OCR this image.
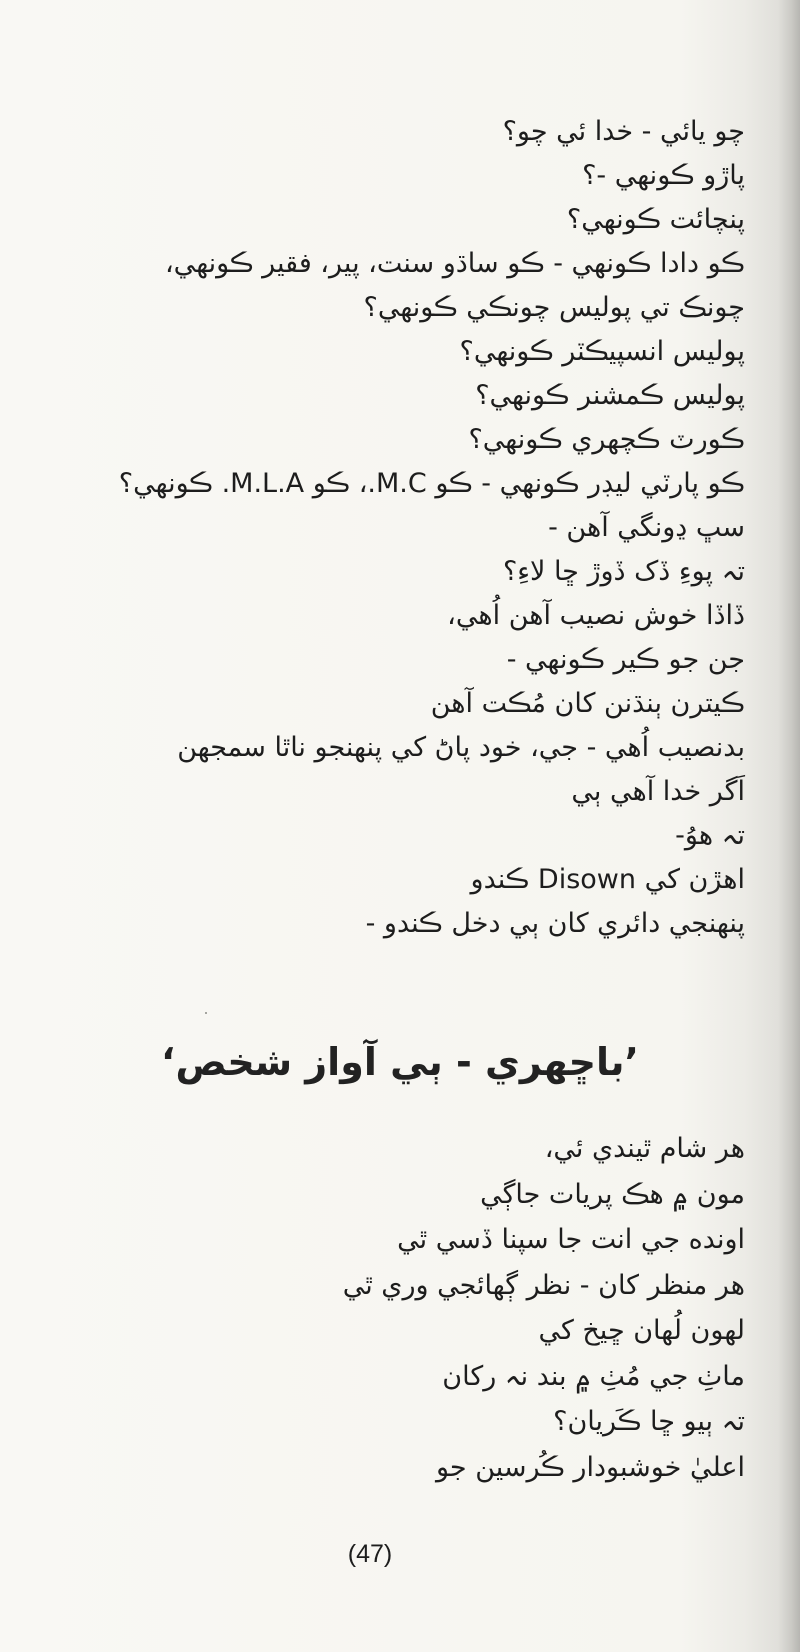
چو يائي - خدا ئي چو؟
پاڙو ڪونهي -؟
پنچائت ڪونهي؟
ڪو دادا ڪونهي - ڪو ساڌو سنت، پير، فقير ڪونهي،
چونڪ تي پوليس چونڪي ڪونهي؟
پوليس انسپيڪٽر ڪونهي؟
پوليس ڪمشنر ڪونهي؟
ڪورٽ ڪچهري ڪونهي؟
ڪو پارٽي ليڊر ڪونهي - ڪو M.C.، ڪو M.L.A. ڪونهي؟
سڀ ڍونگي آهن -
تہ پوءِ ڏک ڏوڙ ڇا لاءِ؟
ڏاڏا خوش نصيب آهن اُهي،
جن جو ڪير ڪونهي -
ڪيترن ٻنڌنن کان مُڪت آهن
بدنصيب اُهي - جي، خود پاڻ کي پنهنجو ناٿا سمجهن
اَگر خدا آهي ٻي
تہ هوُ-
اهڙن کي Disown ڪندو
پنهنجي دائري کان ٻي دخل ڪندو -
’باڇهري - ٻي آواز شخص‘
هر شام ٿيندي ئي،
مون ۾ هڪ پريات جاڳي
اونده جي انت جا سپنا ڏسي ٿي
هر منظر کان - نظر ڳهائجي وري ٿي
لهون لُهان ڇيخ کي
ماٺِ جي مُٺِ ۾ بند نہ رکان
تہ ٻيو ڇا ڪَريان؟
اعليٰ خوشبودار ڪُرسين جو
(47)
